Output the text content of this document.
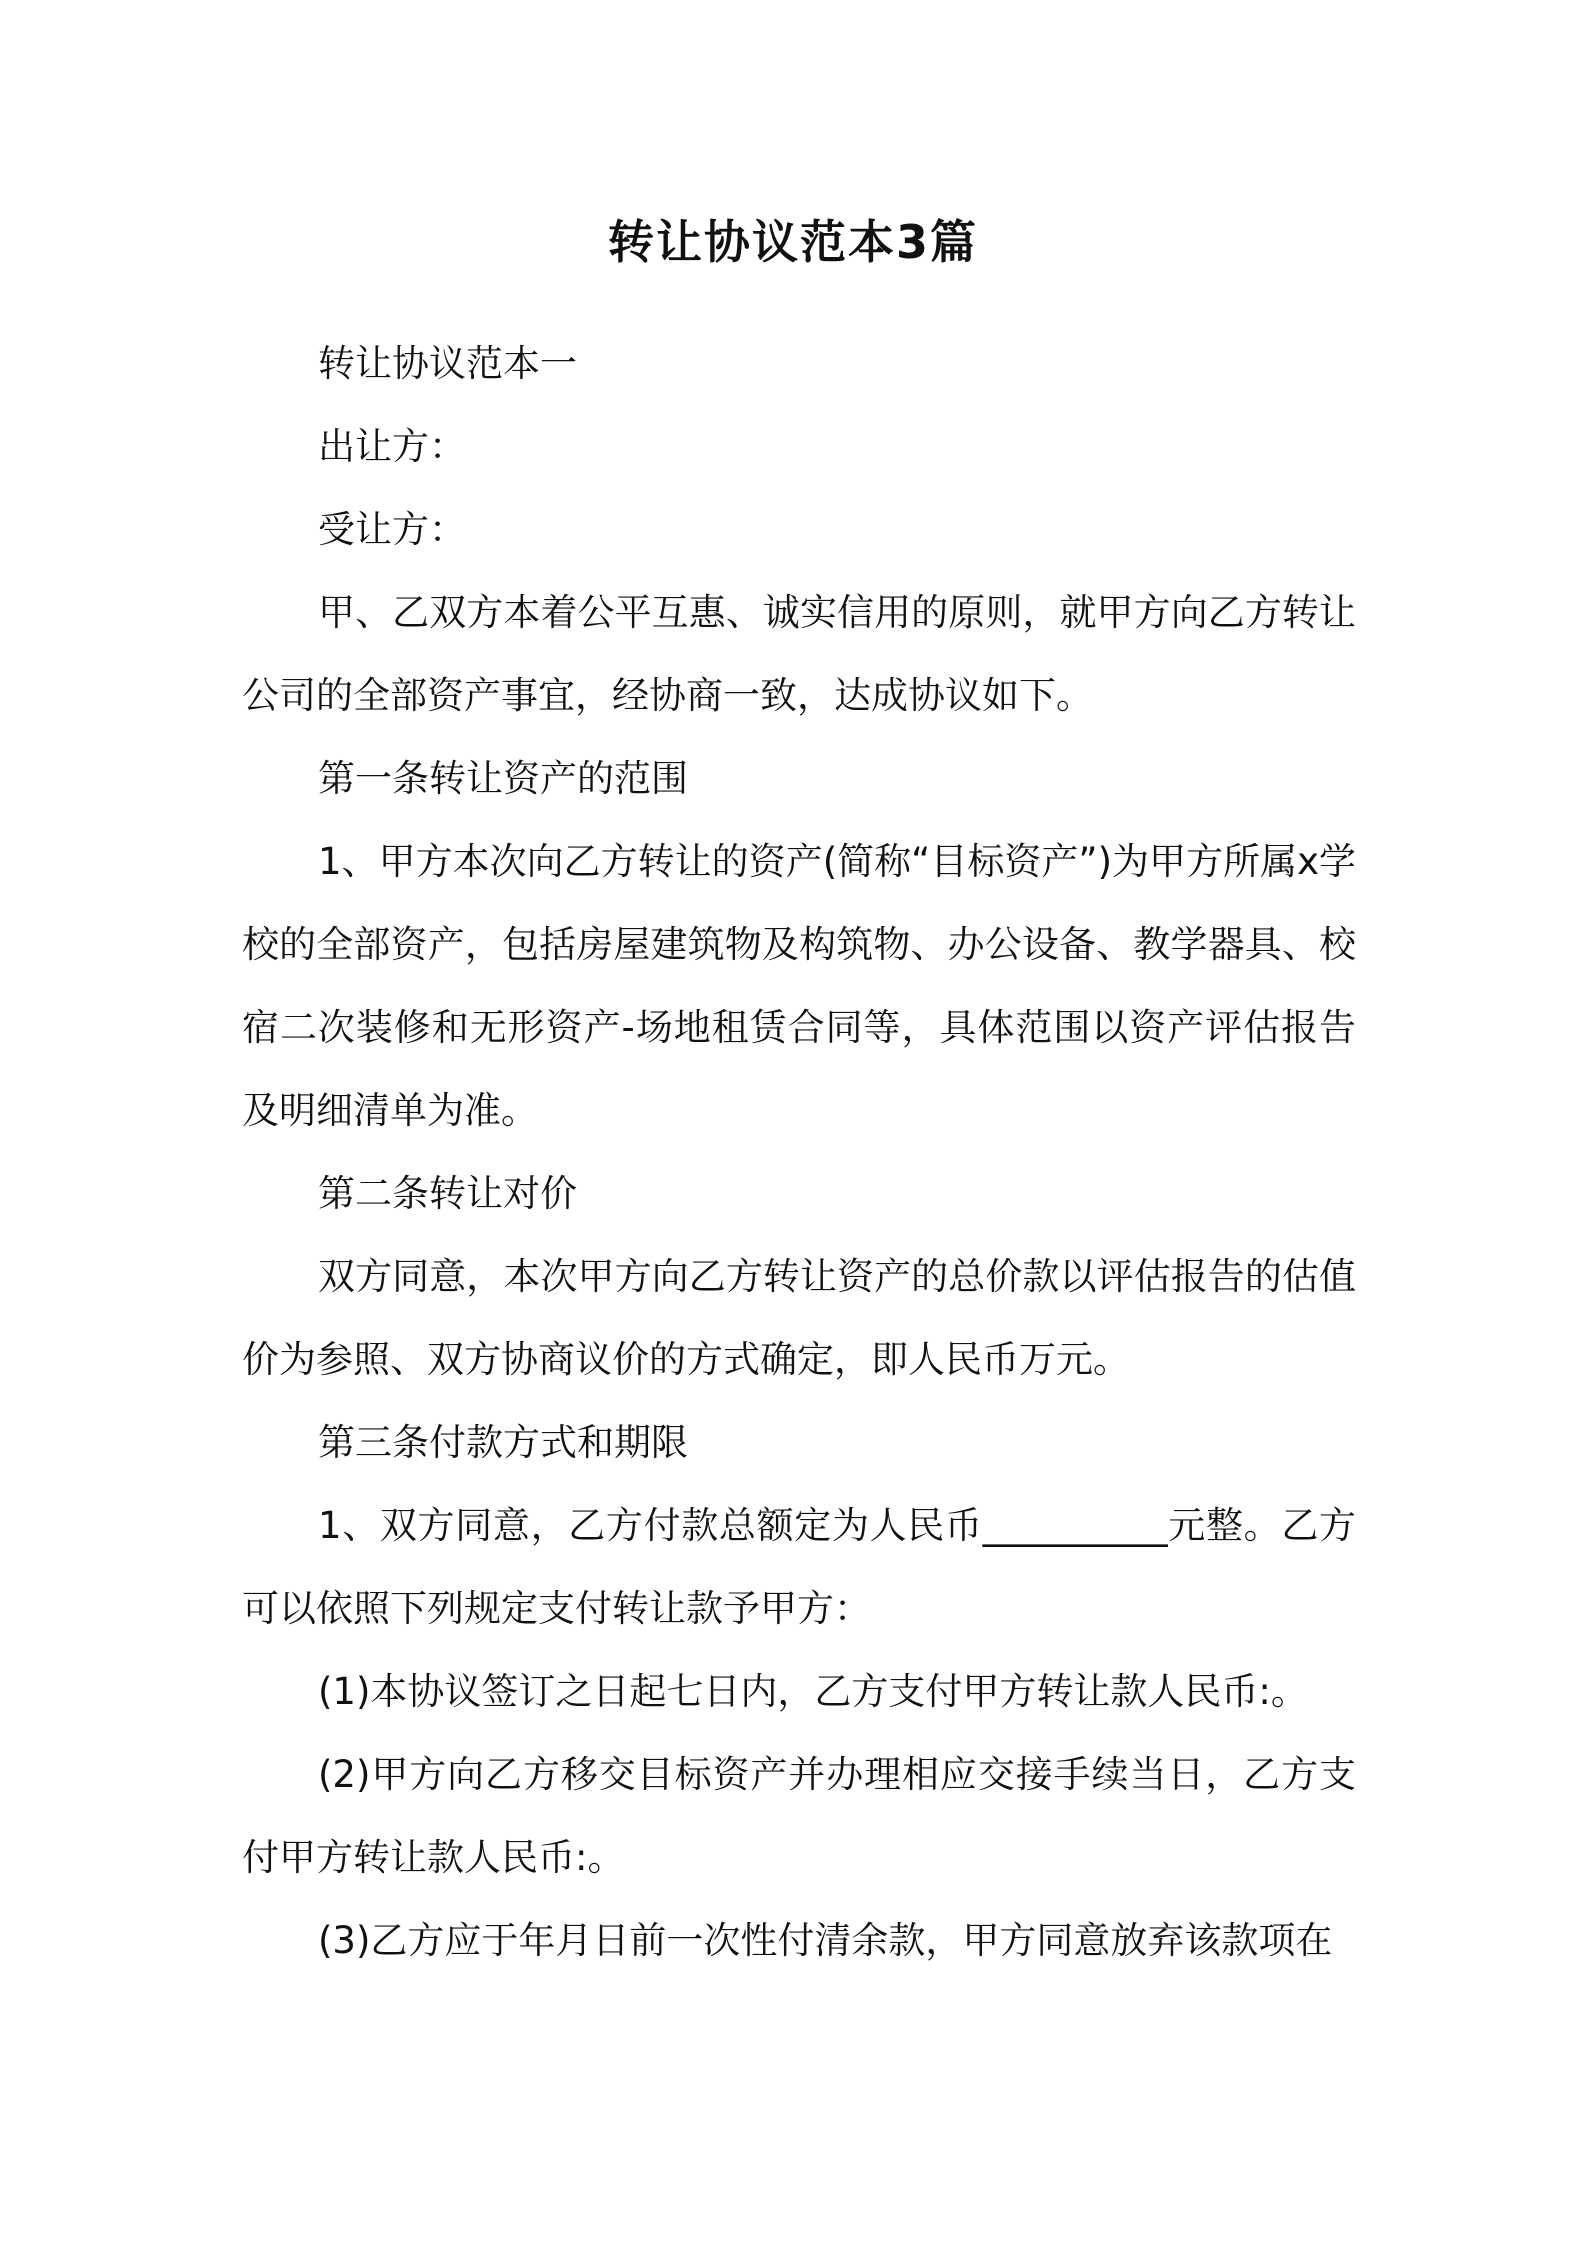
转让协议范本3篇

转让协议范本一

出让方：

受让方：

甲、乙双方本着公平互惠、诚实信用的原则，就甲方向乙方转让公司的全部资产事宜，经协商一致，达成协议如下。

第一条转让资产的范围

1、甲方本次向乙方转让的资产(简称“目标资产”)为甲方所属x学校的全部资产，包括房屋建筑物及构筑物、办公设备、教学器具、校宿二次装修和无形资产-场地租赁合同等，具体范围以资产评估报告及明细清单为准。

第二条转让对价

双方同意，本次甲方向乙方转让资产的总价款以评估报告的估值价为参照、双方协商议价的方式确定，即人民币万元。

第三条付款方式和期限

1、双方同意，乙方付款总额定为人民币__________元整。乙方可以依照下列规定支付转让款予甲方：

(1)本协议签订之日起七日内，乙方支付甲方转让款人民币:。

(2)甲方向乙方移交目标资产并办理相应交接手续当日，乙方支付甲方转让款人民币:。

(3)乙方应于年月日前一次性付清余款，甲方同意放弃该款项在
